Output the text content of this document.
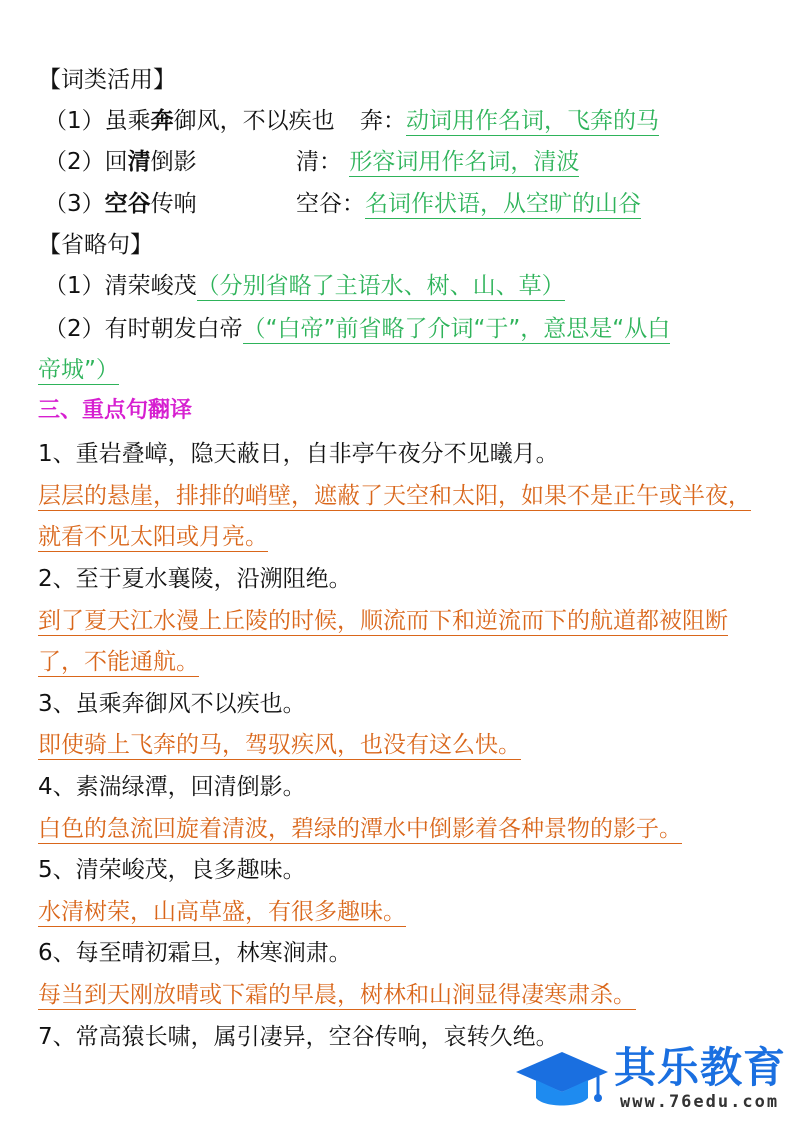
【词类活用】
（1）虽乘奔御风，不以疾也 奔：动词用作名词，飞奔的马
（2）回清倒影	清： 形容词用作名词，清波
（3）空谷传响	空谷：名词作状语，从空旷的山谷
【省略句】
（1）清荣峻茂（分别省略了主语水、树、山、草）
（2）有时朝发白帝（“白帝”前省略了介词“于”，意思是“从白
帝城”）
三、重点句翻译
1、重岩叠嶂，隐天蔽日，自非亭午夜分不见曦月。
层层的悬崖，排排的峭壁，遮蔽了天空和太阳，如果不是正午或半夜，
就看不见太阳或月亮。
2、至于夏水襄陵，沿溯阻绝。
到了夏天江水漫上丘陵的时候，顺流而下和逆流而下的航道都被阻断
了，不能通航。
3、虽乘奔御风不以疾也。
即使骑上飞奔的马，驾驭疾风，也没有这么快。
4、素湍绿潭，回清倒影。
白色的急流回旋着清波，碧绿的潭水中倒影着各种景物的影子。
5、清荣峻茂，良多趣味。
水清树荣，山高草盛，有很多趣味。
6、每至晴初霜旦，林寒涧肃。
每当到天刚放晴或下霜的早晨，树林和山涧显得凄寒肃杀。
7、常高猿长啸，属引凄异，空谷传响，哀转久绝。
其乐教育
www.76edu.com
